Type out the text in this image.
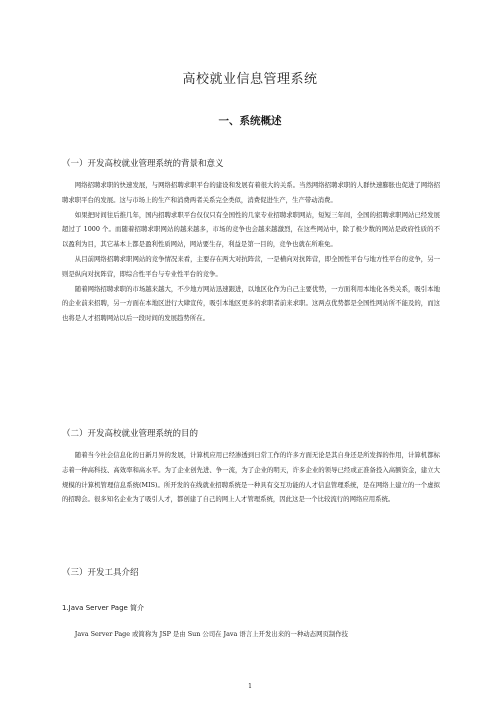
高校就业信息管理系统
一、系统概述
（一）开发高校就业管理系统的背景和意义

网络招聘求职的快速发展，与网络招聘求职平台的建设和发展有着很大的关系。当然网络招聘求职的人群快速膨胀也促进了网络招聘求职平台的发展。这与市场上的生产和消费两者关系完全类似，消费促进生产，生产带动消费。

如果把时间往后推几年，国内招聘求职平台仅仅只有全国性的几家专业招聘求职网站，短短三年间，全国的招聘求职网站已经发展超过了 1000 个。而随着招聘求职网站的越来越多，市场的竞争也会越来越激烈，在这些网站中，除了极少数的网站是政府性质的不以盈利为目，其它基本上都是盈利性质网站，网站要生存，利益是第一目的，竞争也就在所难免。

从目前网络招聘求职网站的竞争情况来看，主要存在两大对抗阵营，一是横向对抗阵营，即全国性平台与地方性平台的竞争，另一则是纵向对抗阵营，即综合性平台与专业性平台的竞争。

随着网络招聘求职的市场越来越大，不少地方网站迅速跟进，以地区化作为自己主要优势，一方面利用本地化各类关系，吸引本地的企业前来招聘，另一方面在本地区进行大肆宣传，吸引本地区更多的求职者前来求职。这两点优势都是全国性网站所不能及的，而这也将是人才招聘网站以后一段时间的发展趋势所在。

（二）开发高校就业管理系统的目的

随着当今社会信息化的日新月异的发展，计算机应用已经渗透到日常工作的许多方面无论是其自身还是所发挥的作用，计算机都标志着一种高科技、高效率和高水平。为了企业创先进、争一流，为了企业的明天，许多企业的领导已经或正准备投入高额资金，建立大规模的计算机管理信息系统(MIS)。所开发的在线就业招聘系统是一种具有交互功能的人才信息管理系统，是在网络上建立的一个虚拟的招聘会。很多知名企业为了吸引人才，都创建了自己的网上人才管理系统，因此这是一个比较流行的网络应用系统。

（三）开发工具介绍
1.Java Server Page 简介

Java Server Page 或简称为 JSP 是由 Sun 公司在 Java 语言上开发出来的一种动态网页制作技

1
